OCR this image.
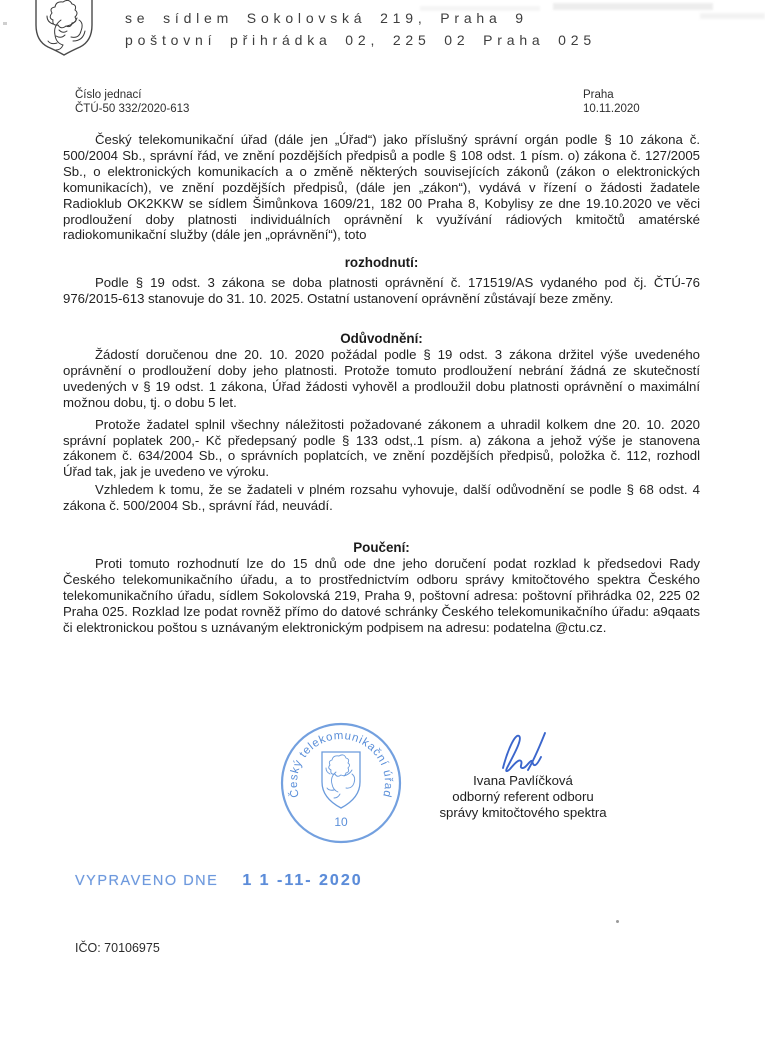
se sídlem Sokolovská 219, Praha 9
poštovní přihrádka 02, 225 02 Praha 025
Číslo jednací
ČTÚ-50 332/2020-613
Praha
10.11.2020

Český telekomunikační úřad (dále jen „Úřad“) jako příslušný správní orgán podle § 10 zákona č. 500/2004 Sb., správní řád, ve znění pozdějších předpisů a podle § 108 odst. 1 písm. o) zákona č. 127/2005 Sb., o elektronických komunikacích a o změně některých souvisejících zákonů (zákon o elektronických komunikacích), ve znění pozdějších předpisů, (dále jen „zákon“), vydává v řízení o žádosti žadatele Radioklub OK2KKW se sídlem Šimůnkova 1609/21, 182 00 Praha 8, Kobylisy ze dne 19.10.2020 ve věci prodloužení doby platnosti individuálních oprávnění k využívání rádiových kmitočtů amatérské radiokomunikační služby (dále jen „oprávnění“), toto

rozhodnutí:

Podle § 19 odst. 3 zákona se doba platnosti oprávnění č. 171519/AS vydaného pod čj. ČTÚ-76 976/2015-613 stanovuje do 31. 10. 2025. Ostatní ustanovení oprávnění zůstávají beze změny.

Odůvodnění:

Žádostí doručenou dne 20. 10. 2020 požádal podle § 19 odst. 3 zákona držitel výše uvedeného oprávnění o prodloužení doby jeho platnosti. Protože tomuto prodloužení nebrání žádná ze skutečností uvedených v § 19 odst. 1 zákona, Úřad žádosti vyhověl a prodloužil dobu platnosti oprávnění o maximální možnou dobu, tj. o dobu 5 let.

Protože žadatel splnil všechny náležitosti požadované zákonem a uhradil kolkem dne 20. 10. 2020 správní poplatek 200,- Kč předepsaný podle § 133 odst,.1 písm. a) zákona a jehož výše je stanovena zákonem č. 634/2004 Sb., o správních poplatcích, ve znění pozdějších předpisů, položka č. 112, rozhodl Úřad tak, jak je uvedeno ve výroku.

Vzhledem k tomu, že se žadateli v plném rozsahu vyhovuje, další odůvodnění se podle § 68 odst. 4 zákona č. 500/2004 Sb., správní řád, neuvádí.

Poučení:

Proti tomuto rozhodnutí lze do 15 dnů ode dne jeho doručení podat rozklad k předsedovi Rady Českého telekomunikačního úřadu, a to prostřednictvím odboru správy kmitočtového spektra Českého telekomunikačního úřadu, sídlem Sokolovská 219, Praha 9, poštovní adresa: poštovní přihrádka 02, 225 02 Praha 025. Rozklad lze podat rovněž přímo do datové schránky Českého telekomunikačního úřadu: a9qaats či elektronickou poštou s uznávaným elektronickým podpisem na adresu: podatelna @ctu.cz.

Český telekomunikační úřad
10
Ivana Pavlíčková
odborný referent odboru
správy kmitočtového spektra
VYPRAVENO DNE 1 1 -11- 2020
IČO: 70106975
